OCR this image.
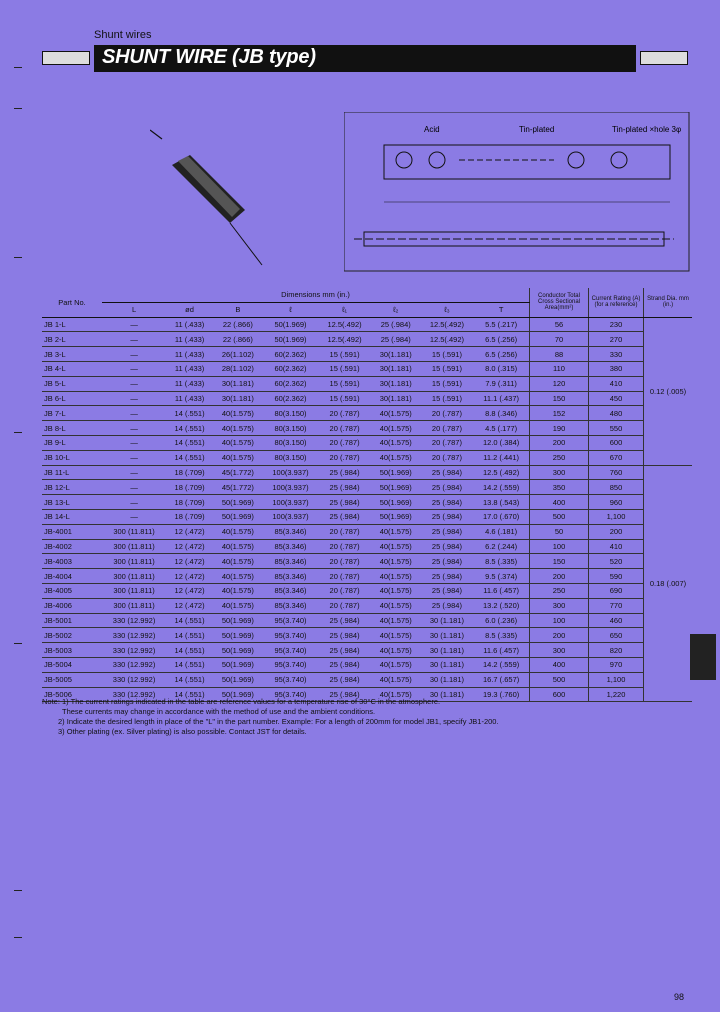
Shunt wires
SHUNT WIRE (JB type)
Acid	Tin-plated	Tin-plated ×hole 3φ
Part No.	Dimensions mm (in.)								Conductor Total Cross Sectional Area(mm²)	Current Rating (A) (for a reference)	Strand Dia. mm (in.)
	L	ød	B	ℓ	ℓ₁	ℓ₂	ℓ₃	T			
JB 1-L	—	11 (.433)	22 (.866)	50(1.969)	12.5(.492)	25 (.984)	12.5(.492)	5.5 (.217)	56	230	0.12 (.005)
JB 2-L	—	11 (.433)	22 (.866)	50(1.969)	12.5(.492)	25 (.984)	12.5(.492)	6.5 (.256)	70	270	
JB 3-L	—	11 (.433)	26(1.102)	60(2.362)	15 (.591)	30(1.181)	15 (.591)	6.5 (.256)	88	330	
JB 4-L	—	11 (.433)	28(1.102)	60(2.362)	15 (.591)	30(1.181)	15 (.591)	8.0 (.315)	110	380	
JB 5-L	—	11 (.433)	30(1.181)	60(2.362)	15 (.591)	30(1.181)	15 (.591)	7.9 (.311)	120	410	
JB 6-L	—	11 (.433)	30(1.181)	60(2.362)	15 (.591)	30(1.181)	15 (.591)	11.1 (.437)	150	450	
JB 7-L	—	14 (.551)	40(1.575)	80(3.150)	20 (.787)	40(1.575)	20 (.787)	8.8 (.346)	152	480	
JB 8-L	—	14 (.551)	40(1.575)	80(3.150)	20 (.787)	40(1.575)	20 (.787)	4.5 (.177)	190	550	
JB 9-L	—	14 (.551)	40(1.575)	80(3.150)	20 (.787)	40(1.575)	20 (.787)	12.0 (.384)	200	600	
JB 10-L	—	14 (.551)	40(1.575)	80(3.150)	20 (.787)	40(1.575)	20 (.787)	11.2 (.441)	250	670	
JB 11-L	—	18 (.709)	45(1.772)	100(3.937)	25 (.984)	50(1.969)	25 (.984)	12.5 (.492)	300	760	0.18 (.007)
JB 12-L	—	18 (.709)	45(1.772)	100(3.937)	25 (.984)	50(1.969)	25 (.984)	14.2 (.559)	350	850	
JB 13-L	—	18 (.709)	50(1.969)	100(3.937)	25 (.984)	50(1.969)	25 (.984)	13.8 (.543)	400	960	
JB 14-L	—	18 (.709)	50(1.969)	100(3.937)	25 (.984)	50(1.969)	25 (.984)	17.0 (.670)	500	1,100	
JB-4001	300 (11.811)	12 (.472)	40(1.575)	85(3.346)	20 (.787)	40(1.575)	25 (.984)	4.6 (.181)	50	200	
JB-4002	300 (11.811)	12 (.472)	40(1.575)	85(3.346)	20 (.787)	40(1.575)	25 (.984)	6.2 (.244)	100	410	
JB-4003	300 (11.811)	12 (.472)	40(1.575)	85(3.346)	20 (.787)	40(1.575)	25 (.984)	8.5 (.335)	150	520	
JB-4004	300 (11.811)	12 (.472)	40(1.575)	85(3.346)	20 (.787)	40(1.575)	25 (.984)	9.5 (.374)	200	590	
JB-4005	300 (11.811)	12 (.472)	40(1.575)	85(3.346)	20 (.787)	40(1.575)	25 (.984)	11.6 (.457)	250	690	
JB-4006	300 (11.811)	12 (.472)	40(1.575)	85(3.346)	20 (.787)	40(1.575)	25 (.984)	13.2 (.520)	300	770	
JB-5001	330 (12.992)	14 (.551)	50(1.969)	95(3.740)	25 (.984)	40(1.575)	30 (1.181)	6.0 (.236)	100	460	
JB-5002	330 (12.992)	14 (.551)	50(1.969)	95(3.740)	25 (.984)	40(1.575)	30 (1.181)	8.5 (.335)	200	650	
JB-5003	330 (12.992)	14 (.551)	50(1.969)	95(3.740)	25 (.984)	40(1.575)	30 (1.181)	11.6 (.457)	300	820	
JB-5004	330 (12.992)	14 (.551)	50(1.969)	95(3.740)	25 (.984)	40(1.575)	30 (1.181)	14.2 (.559)	400	970	
JB-5005	330 (12.992)	14 (.551)	50(1.969)	95(3.740)	25 (.984)	40(1.575)	30 (1.181)	16.7 (.657)	500	1,100	
JB-5006	330 (12.992)	14 (.551)	50(1.969)	95(3.740)	25 (.984)	40(1.575)	30 (1.181)	19.3 (.760)	600	1,220	
Note: 1) The current ratings indicated in the table are reference values for a temperature rise of 30°C in the atmosphere.
These currents may change in accordance with the method of use and the ambient conditions.
2) Indicate the desired length in place of the "L" in the part number. Example: For a length of 200mm for model JB1, specify JB1-200.
3) Other plating (ex. Silver plating) is also possible. Contact JST for details.
98
